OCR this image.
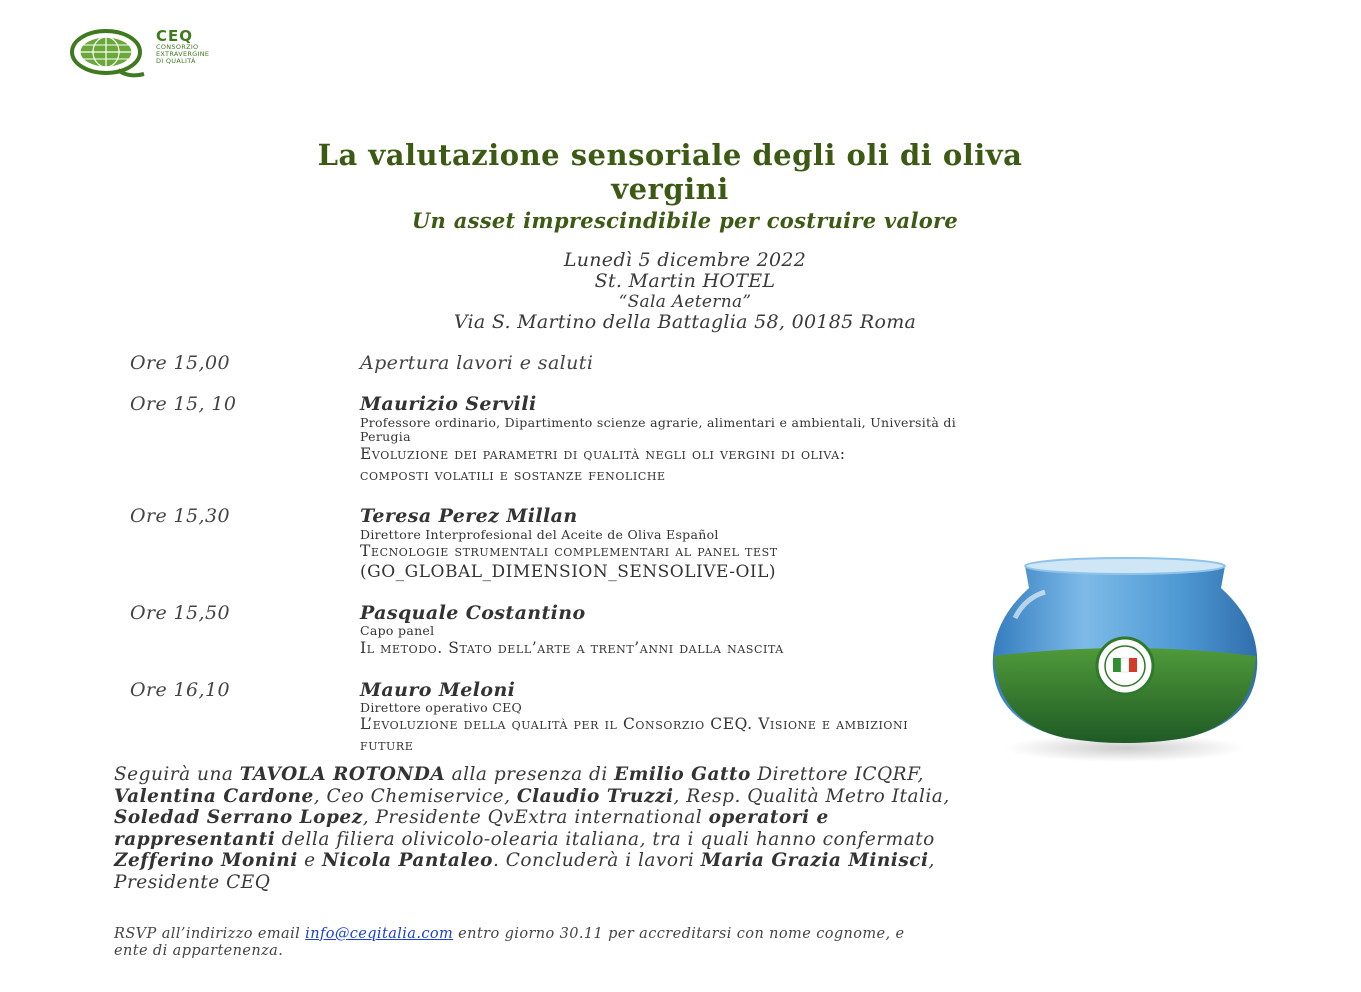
CEQ
CONSORZIO
EXTRAVERGINE
DI QUALITÀ
La valutazione sensoriale degli oli di oliva
vergini
Un asset imprescindibile per costruire valore
Lunedì 5 dicembre 2022
St. Martin HOTEL
“Sala Aeterna”
Via S. Martino della Battaglia 58, 00185 Roma
Ore 15,00	Apertura lavori e saluti
Ore 15, 10	Maurizio Servili
Professore ordinario, Dipartimento scienze agrarie, alimentari e ambientali, Università di
Perugia
Evoluzione dei parametri di qualità negli oli vergini di oliva:
composti volatili e sostanze fenoliche
Ore 15,30	Teresa Perez Millan
Direttore Interprofesional del Aceite de Oliva Español
Tecnologie strumentali complementari al panel test
(GO_GLOBAL_DIMENSION_SENSOLIVE-OIL)
Ore 15,50	Pasquale Costantino
Capo panel
Il metodo. Stato dell’arte a trent’anni dalla nascita
Ore 16,10	Mauro Meloni
Direttore operativo CEQ
L’evoluzione della qualità per il Consorzio CEQ. Visione e ambizioni
future
Seguirà una TAVOLA ROTONDA alla presenza di Emilio Gatto Direttore ICQRF,
Valentina Cardone, Ceo Chemiservice, Claudio Truzzi, Resp. Qualità Metro Italia,
Soledad Serrano Lopez, Presidente QvExtra international operatori e
rappresentanti della filiera olivicolo-olearia italiana, tra i quali hanno confermato
Zefferino Monini e Nicola Pantaleo. Concluderà i lavori Maria Grazia Minisci,
Presidente CEQ
RSVP all’indirizzo email info@ceqitalia.com entro giorno 30.11 per accreditarsi con nome cognome, e
ente di appartenenza.
